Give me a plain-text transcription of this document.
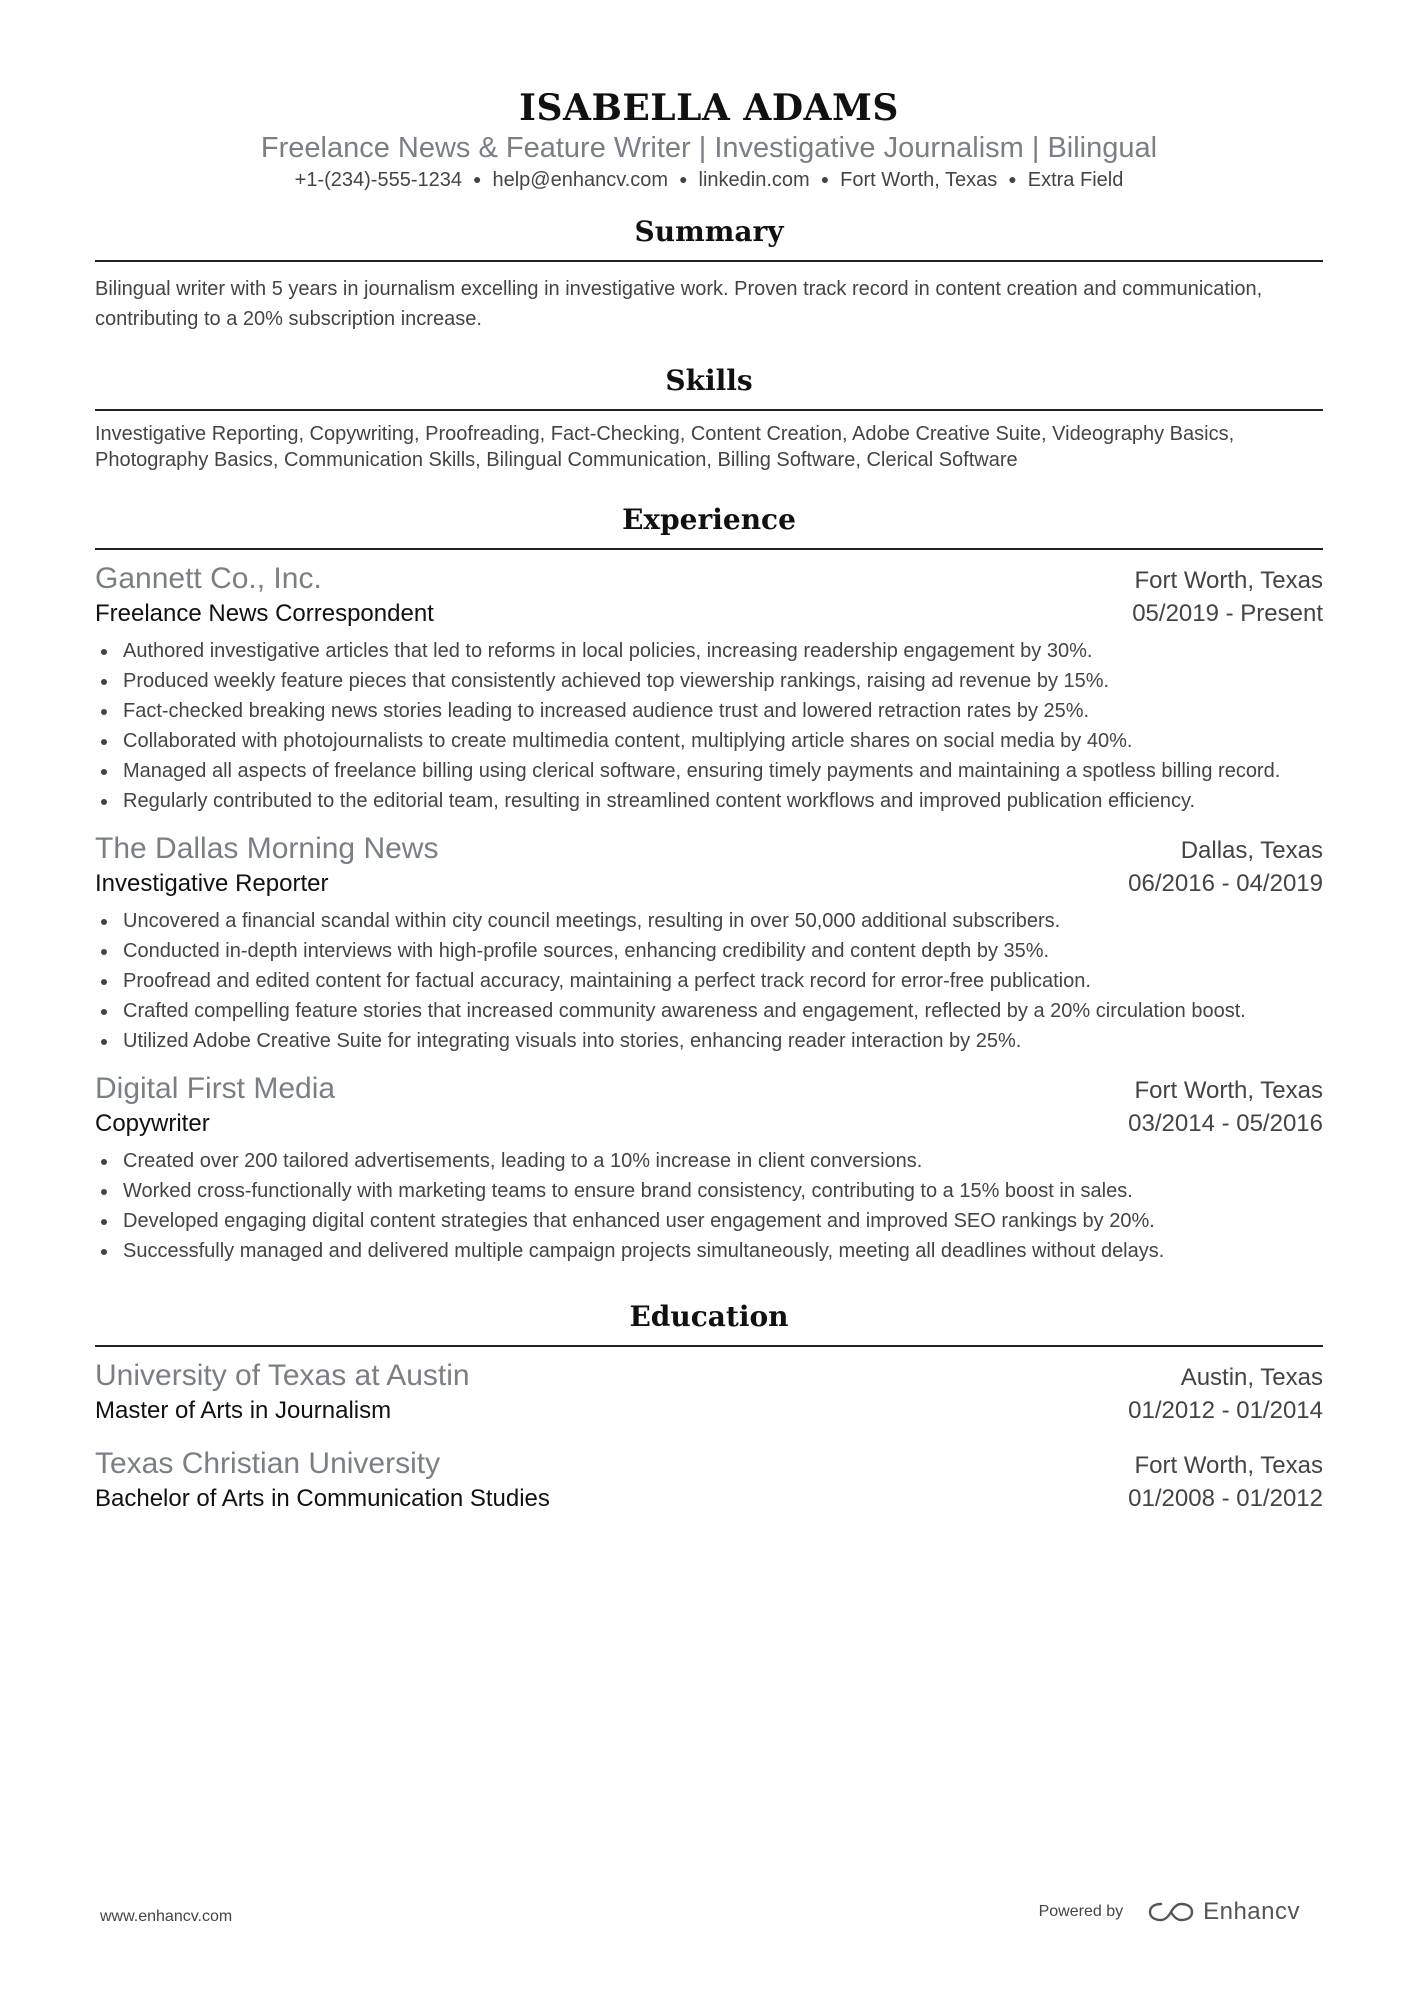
ISABELLA ADAMS
Freelance News & Feature Writer | Investigative Journalism | Bilingual
+1-(234)-555-1234 ● help@enhancv.com ● linkedin.com ● Fort Worth, Texas ● Extra Field
Summary
Bilingual writer with 5 years in journalism excelling in investigative work. Proven track record in content creation and communication, contributing to a 20% subscription increase.
Skills
Investigative Reporting, Copywriting, Proofreading, Fact-Checking, Content Creation, Adobe Creative Suite, Videography Basics, Photography Basics, Communication Skills, Bilingual Communication, Billing Software, Clerical Software
Experience
Gannett Co., Inc.	Fort Worth, Texas
Freelance News Correspondent	05/2019 - Present
Authored investigative articles that led to reforms in local policies, increasing readership engagement by 30%.
Produced weekly feature pieces that consistently achieved top viewership rankings, raising ad revenue by 15%.
Fact-checked breaking news stories leading to increased audience trust and lowered retraction rates by 25%.
Collaborated with photojournalists to create multimedia content, multiplying article shares on social media by 40%.
Managed all aspects of freelance billing using clerical software, ensuring timely payments and maintaining a spotless billing record.
Regularly contributed to the editorial team, resulting in streamlined content workflows and improved publication efficiency.
The Dallas Morning News	Dallas, Texas
Investigative Reporter	06/2016 - 04/2019
Uncovered a financial scandal within city council meetings, resulting in over 50,000 additional subscribers.
Conducted in-depth interviews with high-profile sources, enhancing credibility and content depth by 35%.
Proofread and edited content for factual accuracy, maintaining a perfect track record for error-free publication.
Crafted compelling feature stories that increased community awareness and engagement, reflected by a 20% circulation boost.
Utilized Adobe Creative Suite for integrating visuals into stories, enhancing reader interaction by 25%.
Digital First Media	Fort Worth, Texas
Copywriter	03/2014 - 05/2016
Created over 200 tailored advertisements, leading to a 10% increase in client conversions.
Worked cross-functionally with marketing teams to ensure brand consistency, contributing to a 15% boost in sales.
Developed engaging digital content strategies that enhanced user engagement and improved SEO rankings by 20%.
Successfully managed and delivered multiple campaign projects simultaneously, meeting all deadlines without delays.
Education
University of Texas at Austin	Austin, Texas
Master of Arts in Journalism	01/2012 - 01/2014
Texas Christian University	Fort Worth, Texas
Bachelor of Arts in Communication Studies	01/2008 - 01/2012
www.enhancv.com	Powered by	Enhancv
